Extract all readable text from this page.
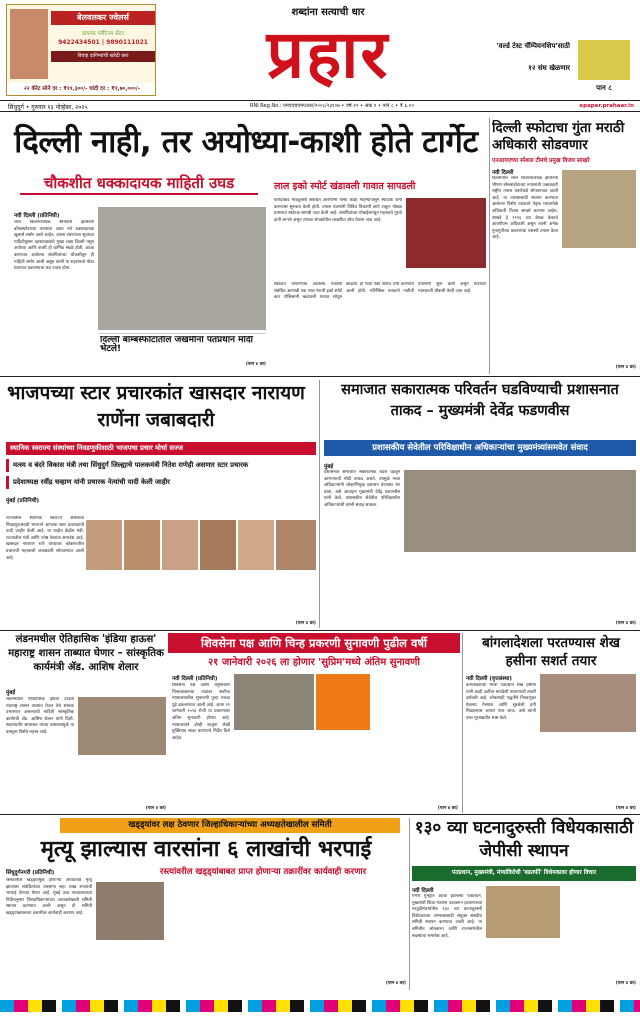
बेलवलकर ज्वेलर्स
डायमंड प्लॅटिनम सेंटर
9422434501 | 9890111021
विवाह दागिन्यांची खरेदी करा
२२ कॅरेट सोने दर : ₹११,३००/- चांदी दर : ₹१,७०,०००/-
शब्दांना सत्याची धार
प्रहार	'वर्ल्ड टेस्ट चॅम्पियनशिप'साठी
१२ संघ खेळणार
पान ८
सिंधुदुर्ग • गुरुवार १३ नोव्हेंबर, २०२५	RNI Reg.No.: एमएएचएमएआर/२००८/२३९०७ • वर्ष २२ • अंक १ • पाने ८ • ₹ ६.००	epaper.prahaar.in
दिल्ली नाही, तर अयोध्या-काशी होते टार्गेट
चौकशीत धक्कादायक माहिती उघड
नवी दिल्ली (प्रतिनिधी)
लाल किल्ल्याजवळ सोमवारी झालेल्या बॉम्बस्फोटाच्या तपासात आता नवे धक्कादायक खुलासे समोर आले आहेत. तपास यंत्रणांच्या सूत्रांच्या माहितीनुसार दहशतवाद्यांचे मुख्य लक्ष्य दिल्ली नसून अयोध्या आणि काशी ही धार्मिक स्थळे होती. अटक करण्यात आलेल्या संशयितांच्या चौकशीतून ही माहिती समोर आली असून त्यांनी या शहरांमध्ये मोठा घातपात घडवण्याचा कट रचला होता.
दिल्ली बॉम्बस्फोटातील जखमींना पंतप्रधान मोदी भेटले!
लाल इको स्पोर्ट खंडावली गावात सापडली
फरिदाबाद मॉड्यूलशी संबंधित आरोपींनी गेल्या काही महिन्यांपासून स्फोटके जमा करण्यास सुरुवात केली होती. तपास यंत्रणांनी विविध ठिकाणी छापे टाकून मोठ्या प्रमाणात स्फोटक सामग्री जप्त केली आहे. संशयितांच्या मोबाईलमधून महत्त्वाचे पुरावे हाती लागले असून त्यांच्या संपर्कातील व्यक्तींचा शोध घेतला जात आहे.
स्फोटात वापरण्यात आलेल्या गाडीशी संबंधित आणखी एक लाल रंगाची इको स्पोर्ट कार पोलिसांनी खंडावली गावात शोधून काढली. ही गाडी एका शेतात उभी करण्यात आली होती. फॉरेन्सिक पथकाने गाडीची तपासणी सुरू केली असून गाडीच्या मालकाची चौकशी केली जात आहे.
(पान ४ वर)
दिल्ली स्फोटाचा गुंता मराठी अधिकारी सोडवणार
एनआयएच्या स्पेशल टीमचे प्रमुख विजय साखरे
नवी दिल्ली
दिल्लीतील लाल किल्ल्याजवळ झालेल्या भीषण बॉम्बस्फोटाच्या तपासाची जबाबदारी राष्ट्रीय तपास यंत्रणेकडे सोपवण्यात आली आहे. या तपासासाठी स्थापन करण्यात आलेल्या विशेष पथकाचे नेतृत्व मराठमोळे अधिकारी विजय साखरे करणार आहेत. साखरे हे १९९६ च्या केरळ केडरचे आयपीएस अधिकारी असून त्यांनी अनेक गुंतागुंतीच्या प्रकरणांचा यशस्वी तपास केला आहे.
(पान ४ वर)
भाजपच्या स्टार प्रचारकांत खासदार नारायण राणेंना जबाबदारी
स्थानिक स्वराज्य संस्थांच्या निवडणुकीसाठी भाजपचा प्रचार मोर्चा सज्ज
मत्स्य व बंदरे विकास मंत्री तथा सिंधुदुर्ग जिल्ह्याचे पालकमंत्री नितेश राणेही असणार स्टार प्रचारक
प्रदेशाध्यक्ष रवींद्र चव्हाण यांनी प्रचारक नेत्यांची यादी केली जाहीर
मुंबई (प्रतिनिधी)
राज्यातील स्थानिक स्वराज्य संस्थांच्या निवडणुकांसाठी भाजपने आपल्या स्टार प्रचारकांची यादी जाहीर केली आहे. या यादीत केंद्रीय मंत्री, राज्यातील मंत्री आणि ज्येष्ठ नेत्यांचा समावेश आहे. खासदार नारायण राणे यांच्यावर कोकणातील प्रचाराची महत्त्वाची जबाबदारी सोपवण्यात आली आहे.
(पान ४ वर)
समाजात सकारात्मक परिवर्तन घडविण्याची प्रशासनात ताकद – मुख्यमंत्री देवेंद्र फडणवीस
प्रशासकीय सेवेतील परिविक्षाधीन अधिकाऱ्यांचा मुख्यमंत्र्यांसमवेत संवाद
मुंबई
प्रशासनात समाजात सकारात्मक बदल घडवून आणण्याची मोठी ताकद असते. त्यामुळे नव्या अधिकाऱ्यांनी लोकाभिमुख प्रशासन देण्यावर भर द्यावा, असे आवाहन मुख्यमंत्री देवेंद्र फडणवीस यांनी केले. प्रशासकीय सेवेतील परिविक्षाधीन अधिकाऱ्यांशी त्यांनी संवाद साधला.
(पान ४ वर)
लंडनमधील ऐतिहासिक 'इंडिया हाऊस' महाराष्ट्र शासन ताब्यात घेणार – सांस्कृतिक कार्यमंत्री ॲड. आशिष शेलार
मुंबई
लंडनमधील ऐतिहासिक इंडिया हाऊस महाराष्ट्र शासन ताब्यात घेऊन तेथे स्मारक उभारणार असल्याची माहिती सांस्कृतिक कार्यमंत्री ॲड. आशिष शेलार यांनी दिली. स्वातंत्र्यवीर सावरकर यांच्या वास्तव्यामुळे या वास्तूला विशेष महत्त्व आहे.
(पान ४ वर)
शिवसेना पक्ष आणि चिन्ह प्रकरणी सुनावणी पुढील वर्षी
२१ जानेवारी २०२६ ला होणार 'सुप्रिम'मध्ये अंतिम सुनावणी
नवी दिल्ली (प्रतिनिधी)
शिवसेना पक्ष आणि धनुष्यबाण चिन्हाबाबतच्या वादावर सर्वोच्च न्यायालयातील सुनावणी पुन्हा एकदा पुढे ढकलण्यात आली आहे. आता २१ जानेवारी २०२६ रोजी या प्रकरणावर अंतिम सुनावणी होणार आहे. न्यायालयाने दोन्ही बाजूंना लेखी युक्तिवाद सादर करण्याचे निर्देश दिले आहेत.
(पान ४ वर)
बांगलादेशला परतण्यास शेख हसीना सशर्त तयार
नवी दिल्ली (वृत्तसंस्था)
बांगलादेशच्या माजी पंतप्रधान शेख हसीना यांनी काही अटींवर मायदेशी परतण्याची तयारी दर्शवली आहे. लोकशाही पद्धतीने निवडणुका घेतल्या गेल्यास आणि सुरक्षेची हमी मिळाल्यास आपण परत जाऊ, असे त्यांनी एका मुलाखतीत स्पष्ट केले.
(पान ४ वर)
खड्ड्यांवर लक्ष ठेवणार जिल्हाधिकाऱ्यांच्या अध्यक्षतेखालील समिती
मृत्यू झाल्यास वारसांना ६ लाखांची भरपाई
सिंधुदुर्गनगरी (प्रतिनिधी)	रस्त्यांवरील खड्ड्यांबाबत प्राप्त होणाऱ्या तक्रारींवर कार्यवाही करणार
रस्त्यांवरील खड्ड्यांमुळे होणाऱ्या अपघातात मृत्यू झाल्यास संबंधितांच्या वारसांना सहा लाख रुपयांची भरपाई देण्यात येणार आहे. मुंबई उच्च न्यायालयाच्या निर्देशानुसार जिल्हाधिकाऱ्यांच्या अध्यक्षतेखाली समिती स्थापन करण्यात आली असून ही समिती खड्ड्यांबाबतच्या तक्रारींवर कार्यवाही करणार आहे.
(पान ४ वर)
१३० व्या घटनादुरुस्ती विधेयकासाठी जेपीसी स्थापन
पंतप्रधान, मुख्यमंत्री, मंत्र्यांविरोधी 'बडतर्फी' विधेयकावर होणार विचार
नवी दिल्ली
गंभीर गुन्ह्यांत अटक झालेल्या पंतप्रधान, मुख्यमंत्री किंवा मंत्र्यांना पदावरून हटवण्याच्या तरतुदीसंदर्भातील १३० व्या घटनादुरुस्ती विधेयकाच्या अभ्यासासाठी संयुक्त संसदीय समिती स्थापन करण्यात आली आहे. या समितीत लोकसभा आणि राज्यसभेतील सदस्यांचा समावेश आहे.
(पान ४ वर)
